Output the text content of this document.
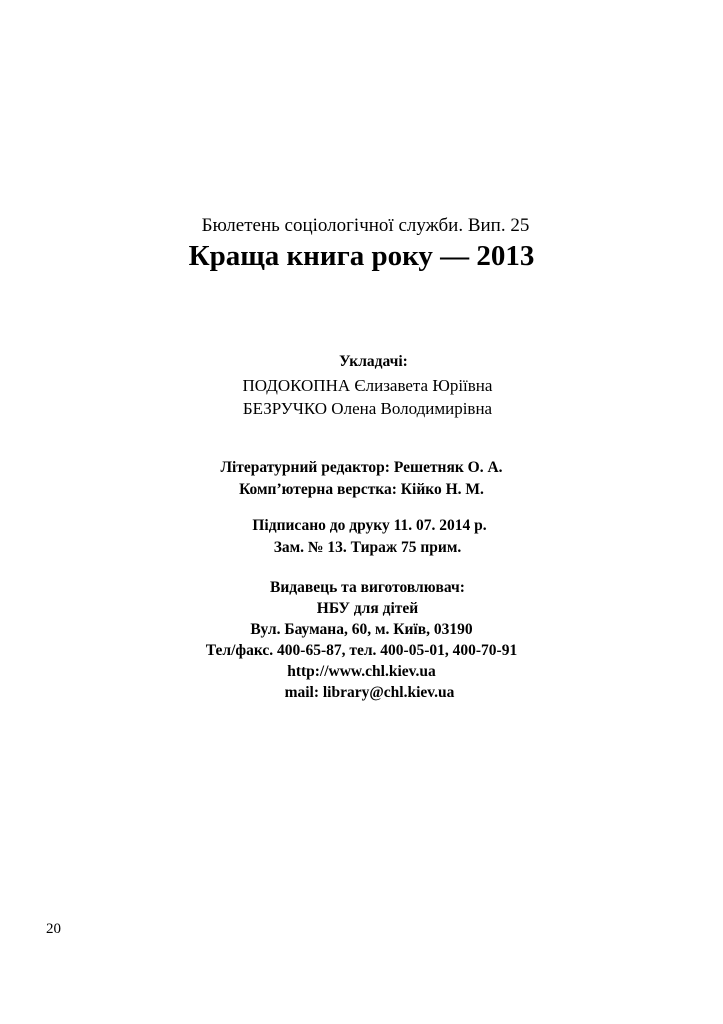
Бюлетень соціологічної служби. Вип. 25
Краща книга року — 2013
Укладачі:
ПОДОКОПНА Єлизавета Юріївна
БЕЗРУЧКО Олена Володимирівна
Літературний редактор: Решетняк О. А.
Комп’ютерна верстка: Кійко Н. М.
Підписано до друку 11. 07. 2014 р.
Зам. № 13. Тираж 75 прим.
Видавець та виготовлювач:
НБУ для дітей
Вул. Баумана, 60, м. Київ, 03190
Тел/факс. 400-65-87, тел. 400-05-01, 400-70-91
http://www.chl.kiev.ua
mail: library@chl.kiev.ua
20
